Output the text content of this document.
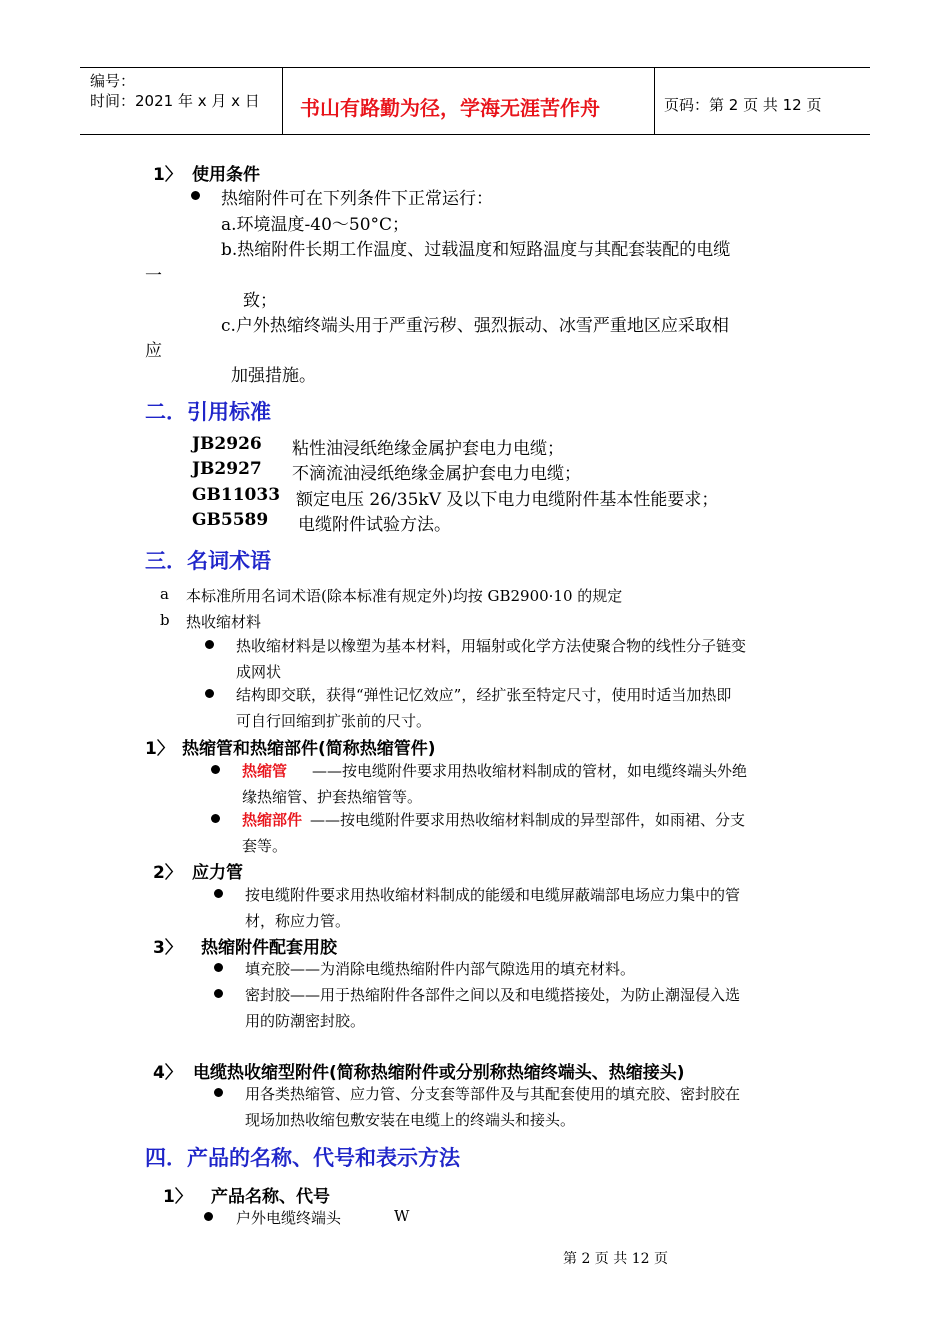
编号：
时间：2021 年 x 月 x 日 书山有路勤为径，学海无涯苦作舟	页码：第 2 页 共 12 页
1〉 使用条件
热缩附件可在下列条件下正常运行：
a.环境温度-40～50°C；
b.热缩附件长期工作温度、过载温度和短路温度与其配套装配的电缆
一
致；
c.户外热缩终端头用于严重污秽、强烈振动、冰雪严重地区应采取相
应
加强措施。
二．引用标准
JB2926 粘性油浸纸绝缘金属护套电力电缆；
JB2927 不滴流油浸纸绝缘金属护套电力电缆；
GB11033 额定电压 26/35kV 及以下电力电缆附件基本性能要求；
GB5589 电缆附件试验方法。
三．名词术语
a 本标准所用名词术语(除本标准有规定外)均按 GB2900·10 的规定
b 热收缩材料
热收缩材料是以橡塑为基本材料，用辐射或化学方法使聚合物的线性分子链变
成网状
结构即交联，获得“弹性记忆效应”，经扩张至特定尺寸，使用时适当加热即
可自行回缩到扩张前的尺寸。
1〉 热缩管和热缩部件(简称热缩管件)
热缩管 ——按电缆附件要求用热收缩材料制成的管材，如电缆终端头外绝
缘热缩管、护套热缩管等。
热缩部件 ——按电缆附件要求用热收缩材料制成的异型部件，如雨裙、分支
套等。
2〉 应力管
按电缆附件要求用热收缩材料制成的能缓和电缆屏蔽端部电场应力集中的管
材，称应力管。
3〉 热缩附件配套用胶
填充胶——为消除电缆热缩附件内部气隙选用的填充材料。
密封胶——用于热缩附件各部件之间以及和电缆搭接处，为防止潮湿侵入选
用的防潮密封胶。
4〉 电缆热收缩型附件(简称热缩附件或分别称热缩终端头、热缩接头)
用各类热缩管、应力管、分支套等部件及与其配套使用的填充胶、密封胶在
现场加热收缩包敷安装在电缆上的终端头和接头。
四．产品的名称、代号和表示方法
1〉 产品名称、代号
户外电缆终端头	W
第 2 页 共 12 页
